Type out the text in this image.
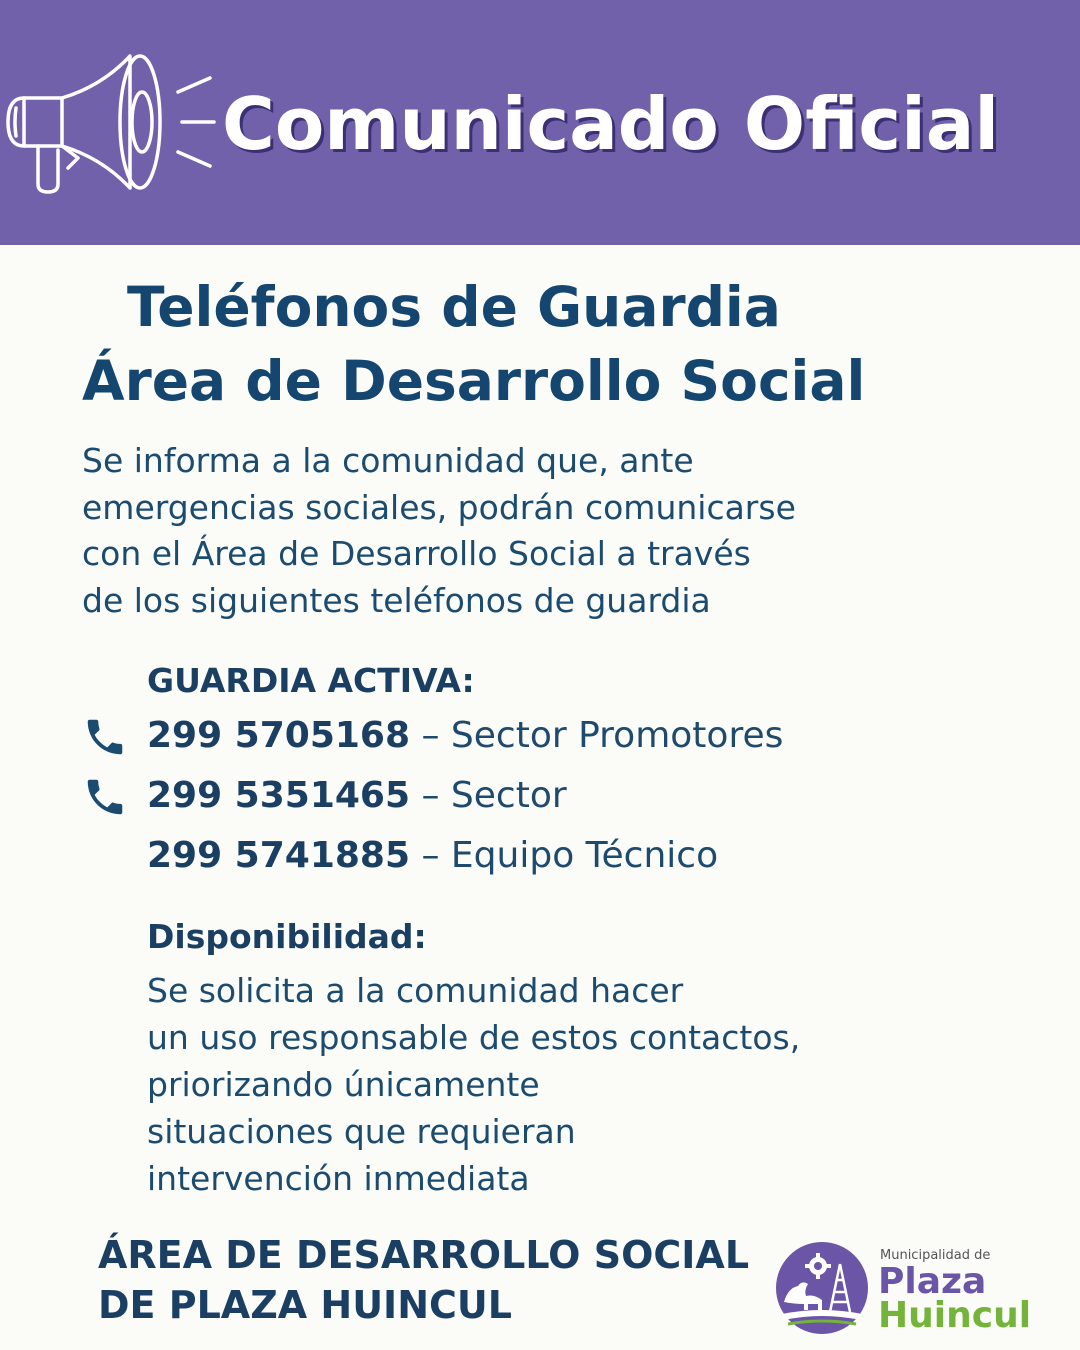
Comunicado Oficial
Teléfonos de Guardia
Área de Desarrollo Social
Se informa a la comunidad que, ante
emergencias sociales, podrán comunicarse
con el Área de Desarrollo Social a través
de los siguientes teléfonos de guardia
GUARDIA ACTIVA:
299 5705168 – Sector Promotores
299 5351465 – Sector
299 5741885 – Equipo Técnico
Disponibilidad:
Se solicita a la comunidad hacer
un uso responsable de estos contactos,
priorizando únicamente
situaciones que requieran
intervención inmediata
ÁREA DE DESARROLLO SOCIAL
DE PLAZA HUINCUL
Municipalidad de
Plaza
Huincul
